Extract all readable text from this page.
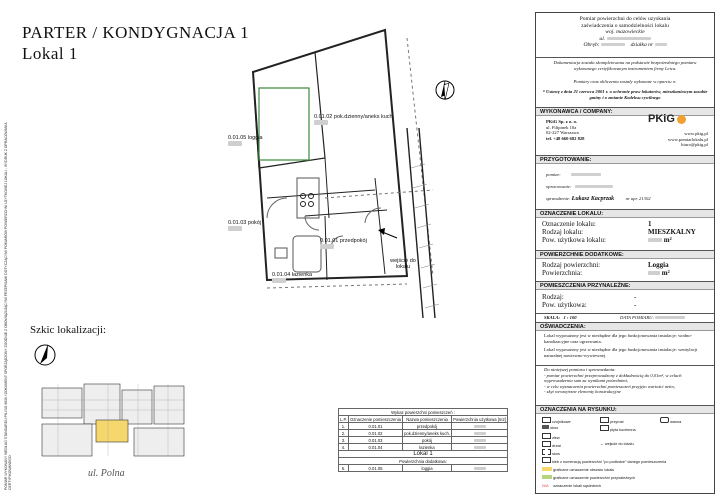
PARTER / KONDYGNACJA 1
Lokal 1
POMIAR WYKONANY WEDŁUG STANDARDU PN-ISO 9836 / DOKUMENT SPORZĄDZONY ZGODNIE Z OBOWIĄZUJĄCYMI PRZEPISAMI DOTYCZĄCYMI POMIARÓW POWIERZCHNI UŻYTKOWEJ LOKALI - WYDRUK Z OPRACOWANIA CERTYFIKOWANEGO
0.01.05 loggia

0.01.02 pok.dzienny/aneks kuch.

0.01.03 pokój

0.01.01 przedpokój

0.01.04 łazienka

wejście do lokalu
Szkic lokalizacji:
ul. Polna
Wykaz powierzchni pomieszczeń :			
L.P.	Oznaczenie pomieszczenia	Nazwa pomieszczenia	Powierzchnia użytkowa [m2]
1.	0.01.01	przedpokój	
2.	0.01.02	pok.dzienny/aneks kuch.	
3.	0.01.03	pokój	
4.	0.01.04	łazienka	
Lokal 1			
Powierzchnia dodatkowa:			
5.	0.01.05	loggia	
Pomiar powierzchni do celów uzyskania
zaświadczenia o samodzielności lokalu
woj. mazowieckie
ul.
Obręb:	działka nr
Dokumentacja została skompletowana na podstawie bezpośredniego pomiaru wykonanego certyfikowanym instrumentem firmy Leica.
Pomiary oraz obliczenia zostały wykonane w oparciu o:
* Ustawę z dnia 21 czerwca 2001 r. o ochronie praw lokatorów, mieszkaniowym zasobie gminy i o zmianie Kodeksu cywilnego
WYKONAWCA / COMPANY:
PKiG Sp. z o. o.
ul. Filipinek 10a
02-227 Warszawa
tel. +48 660 682 828
PKiG
www.pkig.pl
www.pomiarlokalu.pl
biuro@pkig.pl
PRZYGOTOWANIE:
pomiar:
opracowanie:
sprawdzenie: Łukasz Kacprzak nr upr. 21302
OZNACZENIE LOKALU:
Oznaczenie lokalu:	1
Rodzaj lokalu:	MIESZKALNY
Pow. użytkowa lokalu:	m²
POWIERZCHNIE DODATKOWE:
Rodzaj powierzchni:	Loggia
Powierzchnia:	m²
POMIESZCZENIA PRZYNALEŻNE:
Rodzaj:	-
Pow. użytkowa:	-
SKALA: 1 : 100	DATA POMIARU:
OŚWIADCZENIA:
Lokal wyposażony jest w niezbędne dla jego funkcjonowania instalacje: wodno-kanalizacyjne oraz ogrzewania.
Lokal wyposażony jest w niezbędne dla jego funkcjonowania instalacje: wentylacji naturalnej nawiewno-wywiewnej.
Do niniejszej pomiaru i sprawozdania:
- pomiar powierzchni przeprowadzony z dokładnością do 0,01m², w celach wyprowadzenia sum za wynikami pośrednimi,
- w celu wyznaczenia powierzchni pomieszczeń przyjęto wartości netto,
- skyt wewnętrzne elementy konstrukcyjne
OZNACZENIA NA RYSUNKU:
czujnikowe	przyrost	wanna
okno	płyta kuchenna
zlew
drzwi	← wejście do lokalu
skos
kleb z numeracją powierzchni "po podłodze" danego pomieszczenia
graficzne oznaczenie obszaru lokalu
graficzne oznaczenie powierzchni przynależnych
N/A oznaczenie lokali sąsiednich
